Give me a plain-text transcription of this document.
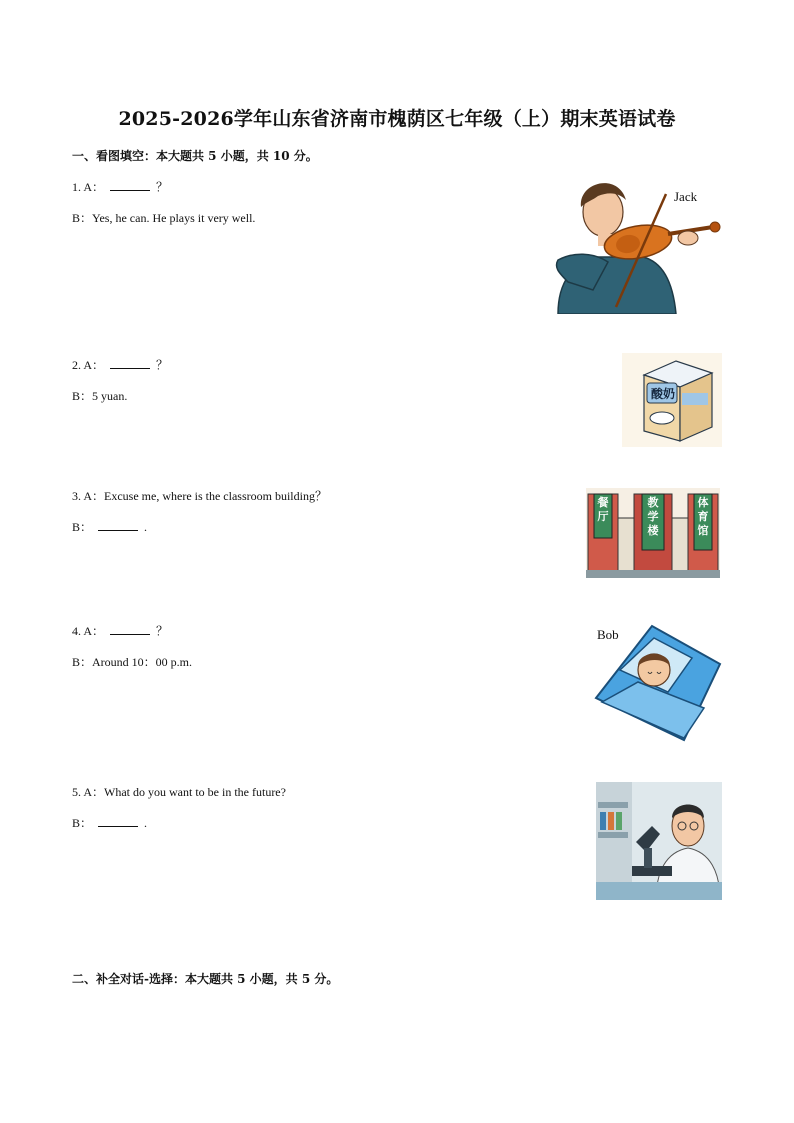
2025-2026学年山东省济南市槐荫区七年级（上）期末英语试卷
一、看图填空：本大题共 5 小题，共 10 分。
1. A：	？
B：Yes, he can. He plays it very well.
2. A：	？
B：5 yuan.
3. A：Excuse me, where is the classroom building？
B：	.
4. A：	？
B：Around 10：00 p.m.
5. A：What do you want to be in the future?
B：	.
二、补全对话-选择：本大题共 5 小题，共 5 分。
Jack
酸奶
餐厅
教学楼
体育馆
Bob
